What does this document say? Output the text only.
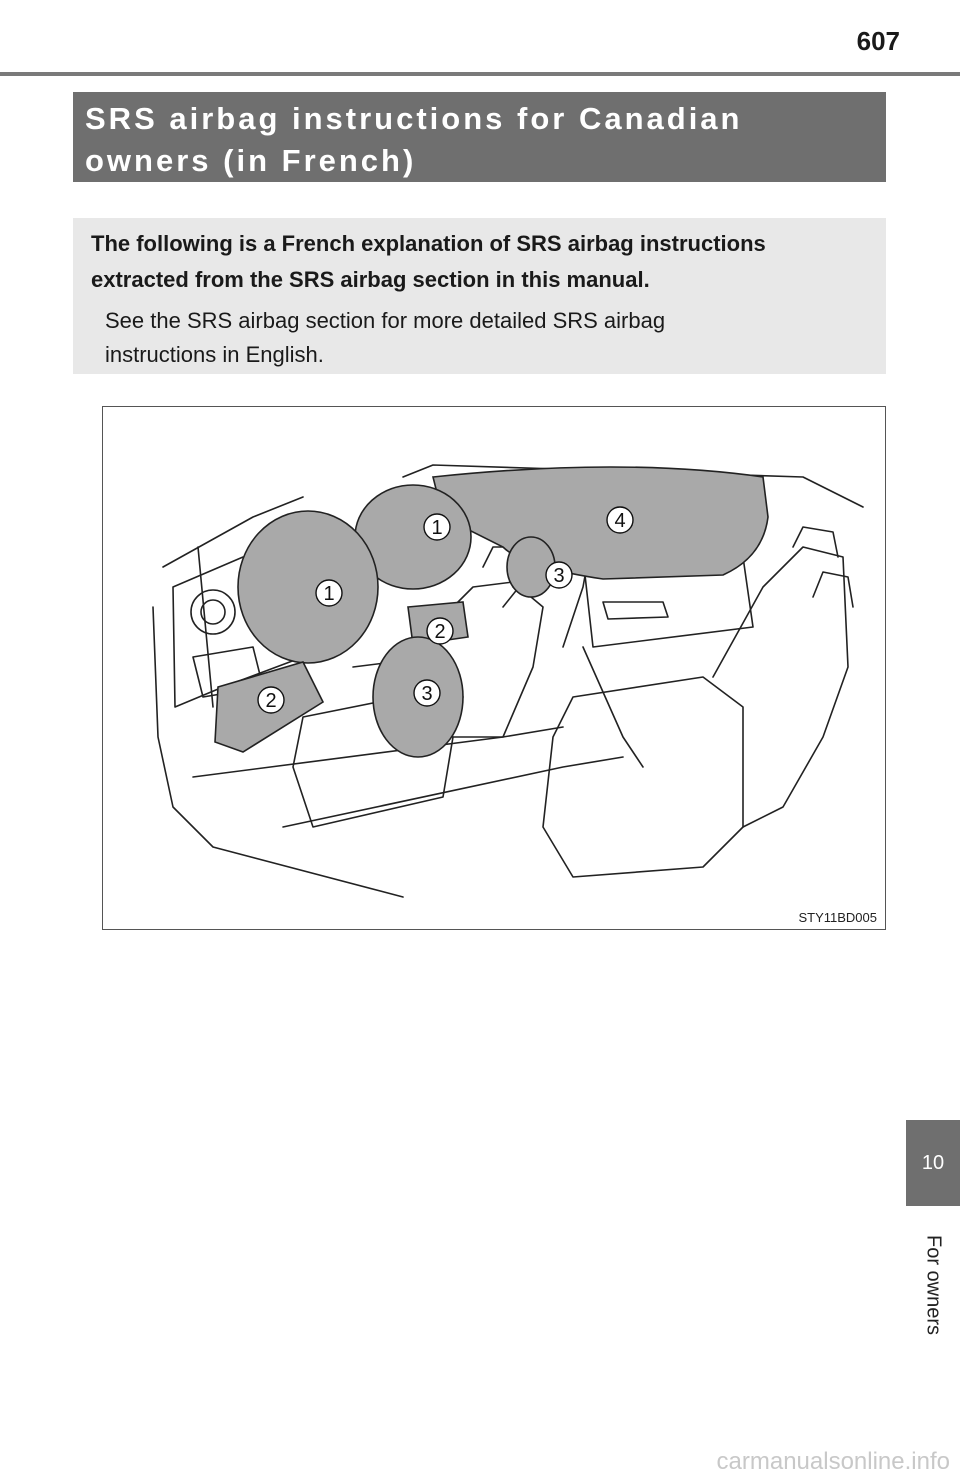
607
SRS airbag instructions for Canadian
owners (in French)

The following is a French explanation of SRS airbag instructions

extracted from the SRS airbag section in this manual.

See the SRS airbag section for more detailed SRS airbag
instructions in English.

1
1
2
2
3
3
4
STY11BD005
10
For owners
carmanualsonline.info
